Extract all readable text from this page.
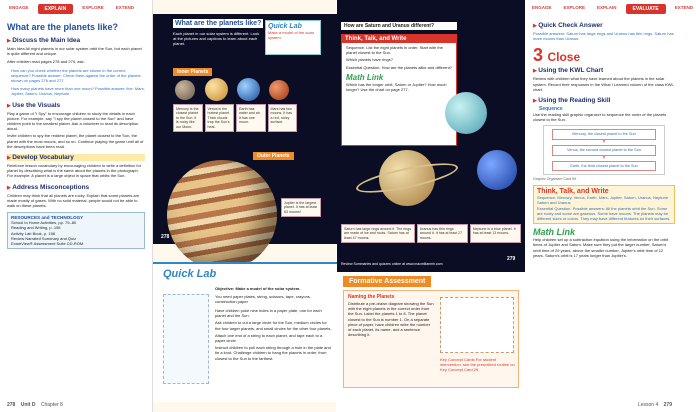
ENGAGE	EXPLAIN	EXPLORE	EXTEND
What are the planets like?
▶ Discuss the Main Idea
Main Idea All eight planets in our solar system orbit the Sun, but each planet is quite different and unique.
After children read pages 278 and 279, ask:
How can you check whether the planets are shown in the correct sequence? Possible answer: Check them against the order of the planets shown on pages 276 and 277.
How many planets have more than one moon? Possible answer: five: Mars, Jupiter, Saturn, Uranus, Neptune
▶ Use the Visuals
Play a game of "I Spy" to encourage children to study the details in each picture. For example, say "I spy the planet closest to the Sun" and have children point to the smallest planet. Ask a volunteer to read its description aloud.
Invite children to spy the reddest planet, the planet closest to the Sun, the planet with the most moons, and so on. Continue playing the game until all of the descriptions have been read.
▶ Develop Vocabulary
Reinforce lesson vocabulary by encouraging children to write a definition for planet by describing what is the same about the planets in the photograph. For example: A planet is a large object in space that orbits the Sun.
▶ Address Misconceptions
Children may think that all planets are rocky. Explain that some planets are made mostly of gases. With no solid material, people would not be able to walk on these planets.
RESOURCES and TECHNOLOGY
School to Home Activities, pp. 79–80
Reading and Writing, p. 155
Activity Lab Book, p. 158
Review Narrated Summary and Quiz
ExamView® Assessment Suite CD-ROM
278 Unit D Chapter 8
What are the planets like?
Each planet in our solar system is different. Look at the pictures and captions to learn about each planet.
Quick Lab
Make a model of the solar system.
Inner Planets
Mercury is the closest planet to the Sun. It is rocky like our Moon.
Venus is the hottest planet. Thick clouds trap the Sun's heat.
Earth has water and air. It has one moon.
Mars has two moons. It has a red, rocky surface.
Outer Planets
Jupiter is the largest planet. It has at least 63 moons!
278
Quick Lab
Objective: Make a model of the solar system.
You need paper plates, string, scissors, tape, crayons, construction paper
Have children poke nine holes in a paper plate, one for each planet and the Sun.
Ask children to cut a large circle for the Sun, medium circles for the four larger planets, and small circles for the other four planets.
Attach one end of a string to each planet, and tape each to a paper circle.
Instruct children to pull each string through a hole in the plate and tie a knot. Challenge children to hang the planets in order, from closest to the Sun to the farthest.
How are Saturn and Uranus different?
Think, Talk, and Write
Sequence. List the eight planets in order. Start with the planet closest to the Sun.
Which planets have rings?
Essential Question. How are the planets alike and different?
Math Link
Which has the longer orbit, Saturn or Jupiter? How much longer? Use the chart on page 277.
Saturn has large rings around it. The rings are made of ice and rocks. Saturn has at least 47 moons.
Uranus has thin rings around it. It has at least 27 moons.
Neptune is a blue planet. It has at least 13 moons.
Review Summaries and quizzes online at www.macmillanmh.com
279
Formative Assessment
Naming the Planets
Distribute a pre-drawn diagram showing the Sun with the eight planets in the correct order from the Sun. Label the planets 1 to 8. The planet closest to the Sun is number 1. On a separate piece of paper, have children write the number of each planet, its name, and a sentence describing it.
Key Concept Cards For student intervention, see the prescribed routine on Key Concept Card 29.
ENGAGE	EXPLORE	EXPLAIN	EVALUATE	EXTEND
▶ Quick Check Answer
Possible answers: Saturn has large rings and Uranus has thin rings. Saturn has more moons than Uranus.
3 Close
▶ Using the KWL Chart
Review with children what they have learned about the planets in the solar system. Record their responses in the What I Learned column of the class KWL chart.
▶ Using the Reading Skill
Sequence
Use the reading skill graphic organizer to sequence the order of the planets closest to the Sun.
Mercury, the closest planet to the Sun
▼
Venus, the second closest planet to the Sun
▼
Earth, the third closest planet to the Sun
Graphic Organizer Card 59
Think, Talk, and Write
Sequence. Mercury, Venus, Earth, Mars, Jupiter, Saturn, Uranus, Neptune
Saturn and Uranus
Essential Question. Possible answers: All the planets orbit the Sun. Some are rocky and some are gaseous. Some have moons. The planets may be different sizes or colors. They may have different features on their surfaces.
Math Link
Help children set up a subtraction equation using the information on the orbit times of Jupiter and Saturn. Make sure they put the larger number, Saturn's orbit time of 29 years, above the smaller number, Jupiter's orbit time of 12 years. Saturn's orbit is 17 years longer than Jupiter's.
Lesson 4 279
